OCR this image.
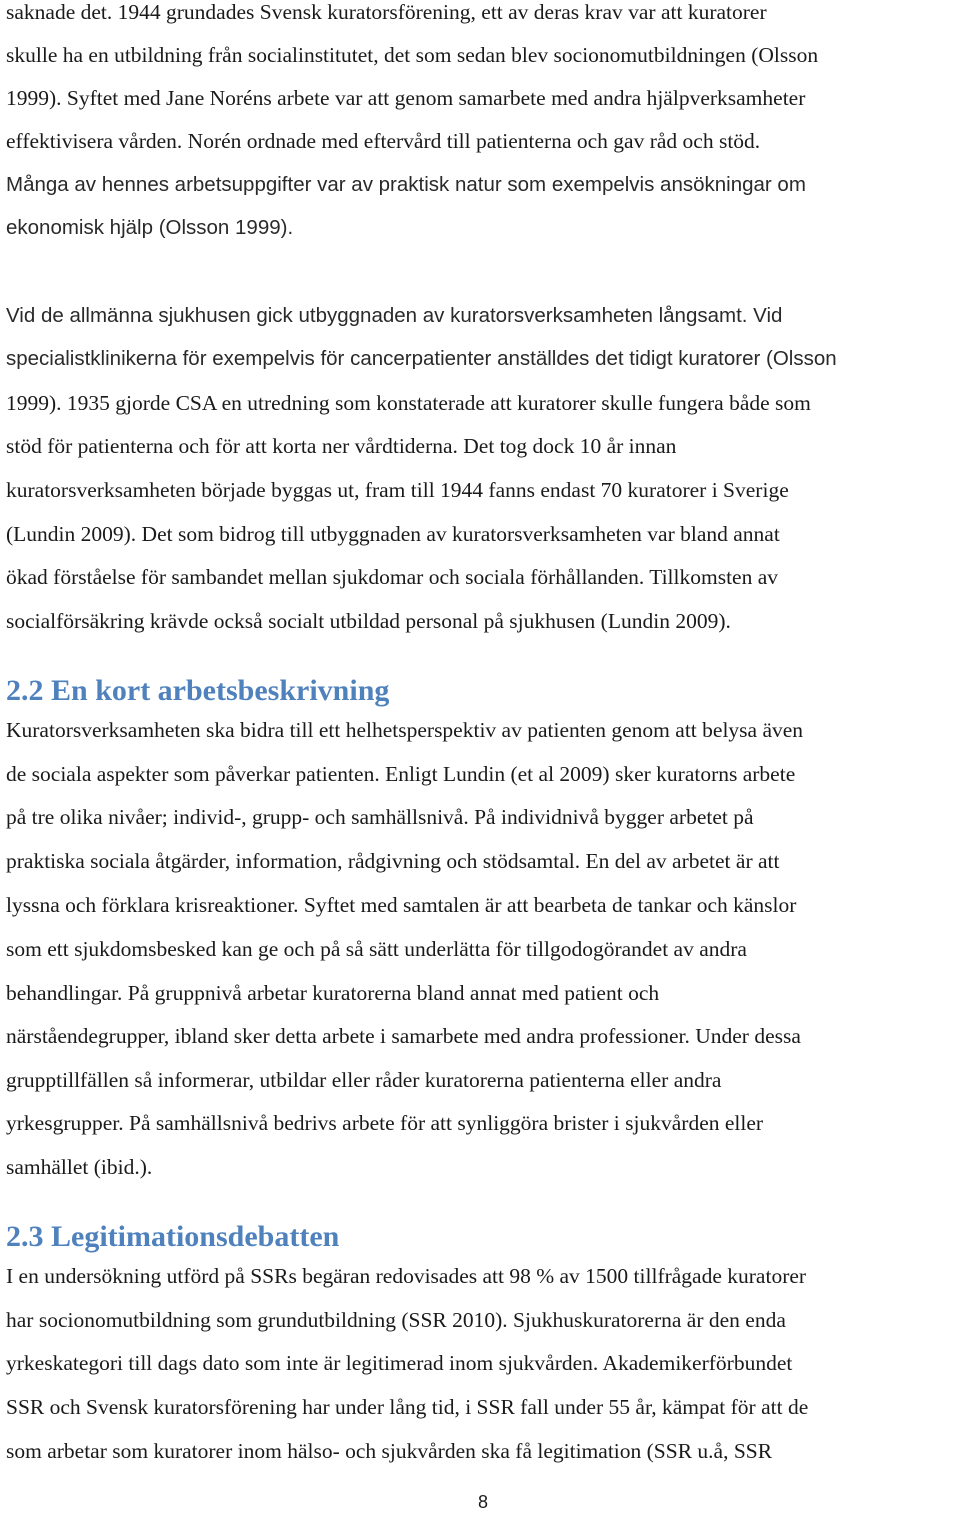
saknade det. 1944 grundades Svensk kuratorsförening, ett av deras krav var att kuratorer

skulle ha en utbildning från socialinstitutet, det som sedan blev socionomutbildningen (Olsson

1999). Syftet med Jane Noréns arbete var att genom samarbete med andra hjälpverksamheter

effektivisera vården. Norén ordnade med eftervård till patienterna och gav råd och stöd.

Många av hennes arbetsuppgifter var av praktisk natur som exempelvis ansökningar om

ekonomisk hjälp (Olsson 1999).

Vid de allmänna sjukhusen gick utbyggnaden av kuratorsverksamheten långsamt. Vid

specialistklinikerna för exempelvis för cancerpatienter anställdes det tidigt kuratorer (Olsson

1999). 1935 gjorde CSA en utredning som konstaterade att kuratorer skulle fungera både som

stöd för patienterna och för att korta ner vårdtiderna. Det tog dock 10 år innan

kuratorsverksamheten började byggas ut, fram till 1944 fanns endast 70 kuratorer i Sverige

(Lundin 2009). Det som bidrog till utbyggnaden av kuratorsverksamheten var bland annat

ökad förståelse för sambandet mellan sjukdomar och sociala förhållanden. Tillkomsten av

socialförsäkring krävde också socialt utbildad personal på sjukhusen (Lundin 2009).

2.2 En kort arbetsbeskrivning

Kuratorsverksamheten ska bidra till ett helhetsperspektiv av patienten genom att belysa även

de sociala aspekter som påverkar patienten. Enligt Lundin (et al 2009) sker kuratorns arbete

på tre olika nivåer; individ-, grupp- och samhällsnivå. På individnivå bygger arbetet på

praktiska sociala åtgärder, information, rådgivning och stödsamtal. En del av arbetet är att

lyssna och förklara krisreaktioner. Syftet med samtalen är att bearbeta de tankar och känslor

som ett sjukdomsbesked kan ge och på så sätt underlätta för tillgodogörandet av andra

behandlingar. På gruppnivå arbetar kuratorerna bland annat med patient och

närståendegrupper, ibland sker detta arbete i samarbete med andra professioner. Under dessa

grupptillfällen så informerar, utbildar eller råder kuratorerna patienterna eller andra

yrkesgrupper. På samhällsnivå bedrivs arbete för att synliggöra brister i sjukvården eller

samhället (ibid.).

2.3 Legitimationsdebatten

I en undersökning utförd på SSRs begäran redovisades att 98 % av 1500 tillfrågade kuratorer

har socionomutbildning som grundutbildning (SSR 2010). Sjukhuskuratorerna är den enda

yrkeskategori till dags dato som inte är legitimerad inom sjukvården. Akademikerförbundet

SSR och Svensk kuratorsförening har under lång tid, i SSR fall under 55 år, kämpat för att de

som arbetar som kuratorer inom hälso- och sjukvården ska få legitimation (SSR u.å, SSR

8
